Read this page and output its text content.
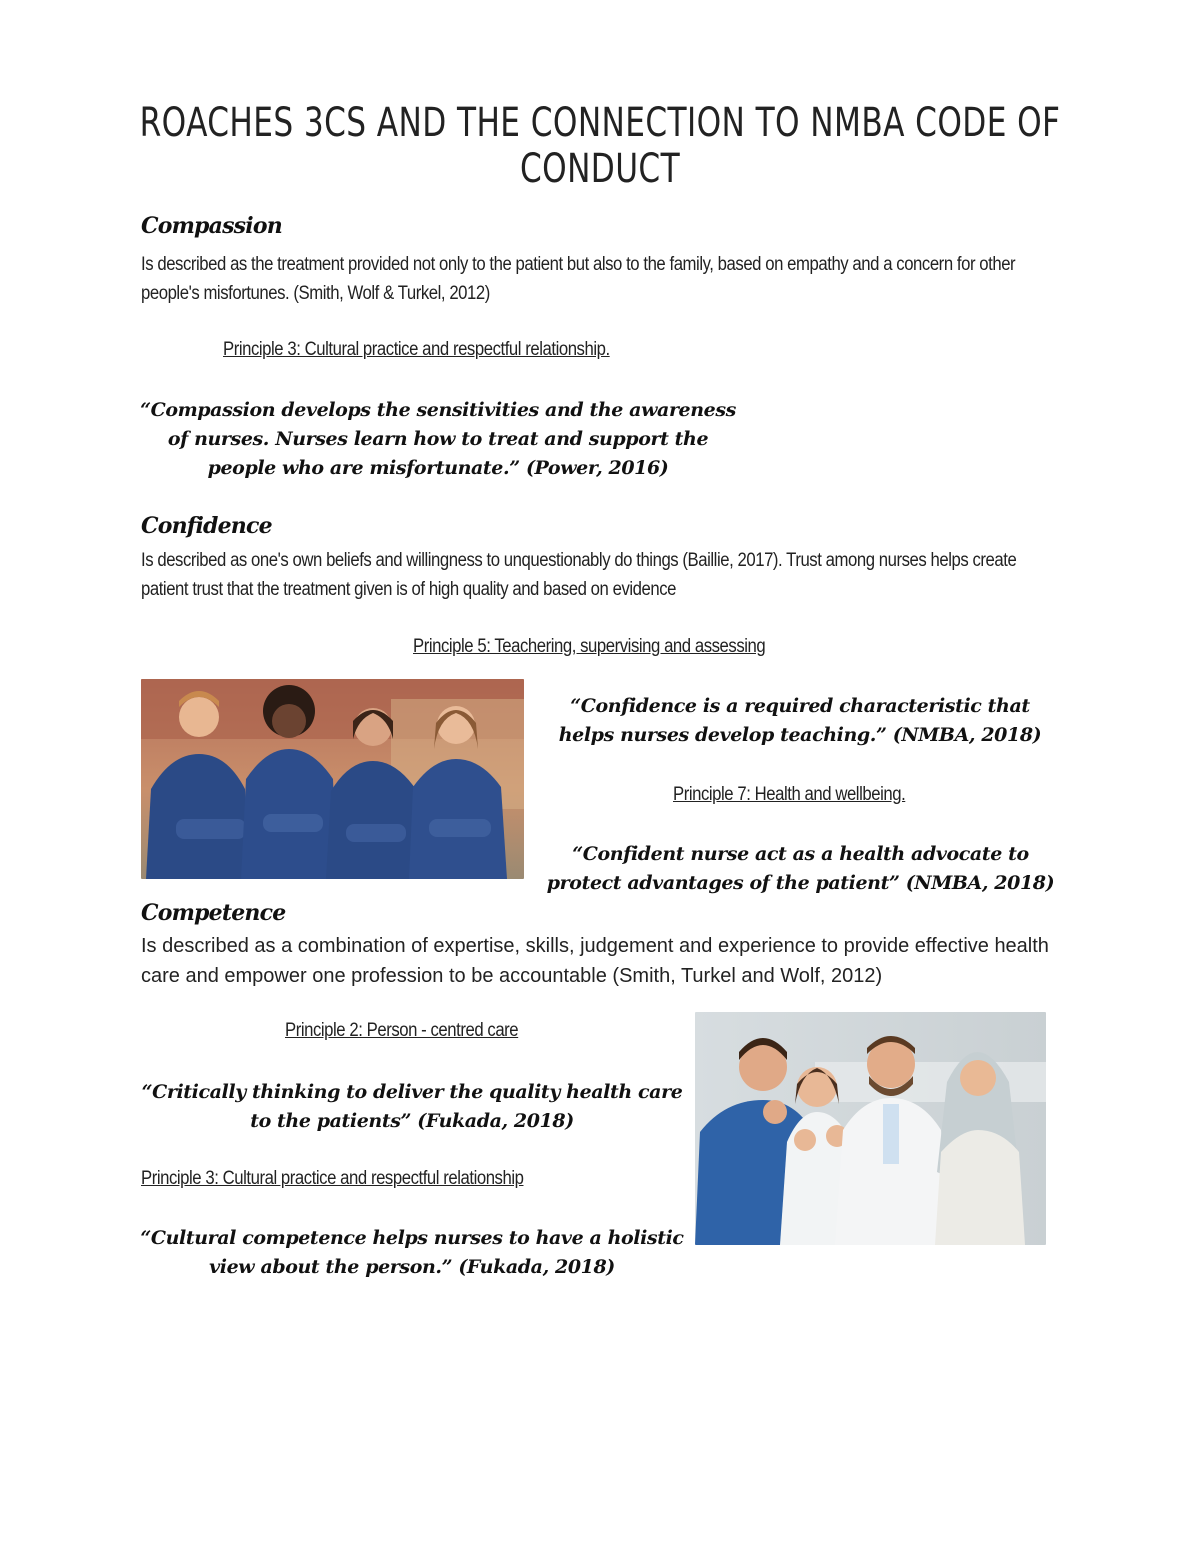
ROACHES 3CS AND THE CONNECTION TO NMBA CODE OF CONDUCT
Compassion
Is described as the treatment provided not only to the patient but also to the family, based on empathy and a concern for other people's misfortunes. (Smith, Wolf & Turkel, 2012)
Principle 3: Cultural practice and respectful relationship.
“Compassion develops the sensitivities and the awareness of nurses. Nurses learn how to treat and support the people who are misfortunate.” (Power, 2016)
Confidence
Is described as one's own beliefs and willingness to unquestionably do things (Baillie, 2017). Trust among nurses helps create patient trust that the treatment given is of high quality and based on evidence
Principle 5: Teachering, supervising and assessing
“Confidence is a required characteristic that helps nurses develop teaching.” (NMBA, 2018)
Principle 7: Health and wellbeing.
“Confident nurse act as a health advocate to protect advantages of the patient” (NMBA, 2018)
Competence
Is described as a combination of expertise, skills, judgement and experience to provide effective health care and empower one profession to be accountable (Smith, Turkel and Wolf, 2012)
Principle 2: Person - centred care
“Critically thinking to deliver the quality health care to the patients” (Fukada, 2018)
Principle 3: Cultural practice and respectful relationship
“Cultural competence helps nurses to have a holistic view about the person.” (Fukada, 2018)
